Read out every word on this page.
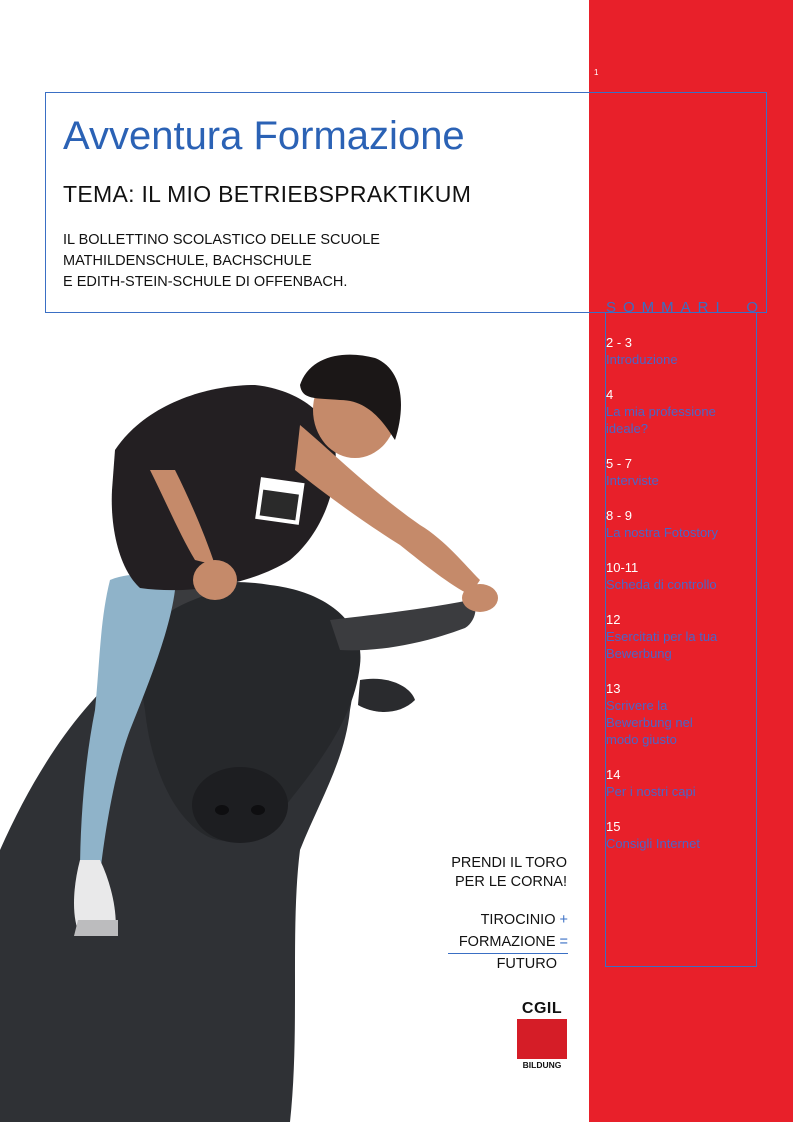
1
Avventura Formazione
TEMA: IL MIO BETRIEBSPRAKTIKUM
IL BOLLETTINO SCOLASTICO DELLE SCUOLE
MATHILDENSCHULE, BACHSCHULE
E EDITH-STEIN-SCHULE DI OFFENBACH.
SOMMARI O
2 - 3
Introduzione
4
La mia professione ideale?
5 - 7
Interviste
8 - 9
La nostra Fotostory
10-11
Scheda di controllo
12
Esercitati per la tua Bewerbung
13
Scrivere la Bewerbung nel modo giusto
14
Per i nostri capi
15
Consigli Internet
PRENDI IL TORO
PER LE CORNA!
TIROCINIO +
FORMAZIONE =
FUTURO
CGIL
BILDUNG
